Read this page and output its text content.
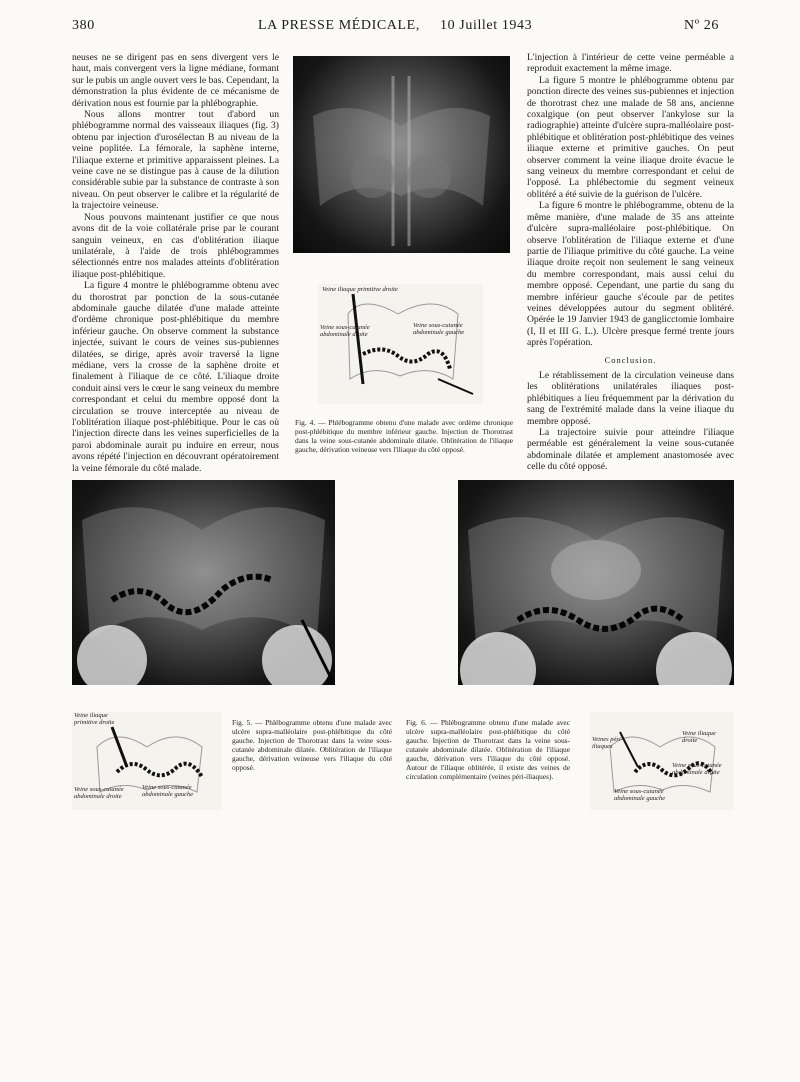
380	LA PRESSE MÉDICALE, 10 Juillet 1943	Nº 26

neuses ne se dirigent pas en sens divergent vers le haut, mais convergent vers la ligne médiane, formant sur le pubis un angle ouvert vers le bas. Cependant, la démonstration la plus évidente de ce mécanisme de dérivation nous est fournie par la phlébographie.

Nous allons montrer tout d'abord un phlébogramme normal des vaisseaux iliaques (fig. 3) obtenu par injection d'urosélectan B au niveau de la veine poplitée. La fémorale, la saphène interne, l'iliaque externe et primitive apparaissent pleines. La veine cave ne se distingue pas à cause de la dilution considérable subie par la substance de contraste à son niveau. On peut observer le calibre et la régularité de la trajectoire veineuse.

Nous pouvons maintenant justifier ce que nous avons dit de la voie collatérale prise par le courant sanguin veineux, en cas d'oblitération iliaque unilatérale, à l'aide de trois phlébogrammes sélectionnés entre nos malades atteints d'oblitération iliaque post-phlébitique.

La figure 4 montre le phlébogramme obtenu avec du thorostrat par ponction de la sous-cutanée abdominale gauche dilatée d'une malade atteinte d'ordème chronique post-phlébitique du membre inférieur gauche. On observe comment la substance injectée, suivant le cours de veines sus-pubiennes dilatées, se dirige, après avoir traversé la ligne médiane, vers la crosse de la saphène droite et finalement à l'iliaque de ce côté. L'iliaque droite conduit ainsi vers le cœur le sang veineux du membre correspondant et celui du membre opposé dont la circulation se trouve interceptée au niveau de l'oblitération iliaque post-phlébitique. Pour le cas où l'injection directe dans les veines superficielles de la paroi abdominale aurait pu induire en erreur, nous avons répété l'injection en découvrant opératoirement la veine fémorale du côté malade.

Veine iliaque primitive droite
Veine sous-cutanée abdominale droite
Veine sous-cutanée abdominale gauche
Fig. 4. — Phlébogramme obtenu d'une malade avec ordème chronique post-phlébitique du membre inférieur gauche. Injection de Thorotrast dans la veine sous-cutanée abdominale dilatée. Oblitération de l'iliaque gauche, dérivation veineuse vers l'iliaque du côté opposé.

L'injection à l'intérieur de cette veine perméable a reproduit exactement la même image.

La figure 5 montre le phlébogramme obtenu par ponction directe des veines sus-pubiennes et injection de thorotrast chez une malade de 58 ans, ancienne coxalgique (on peut observer l'ankylose sur la radiographie) atteinte d'ulcère supra-malléolaire post-phlébitique et oblitération post-phlébitique des veines iliaque externe et primitive gauches. On peut observer comment la veine iliaque droite évacue le sang veineux du membre correspondant et celui de l'opposé. La phlébectomie du segment veineux oblitéré a été suivie de la guérison de l'ulcère.

La figure 6 montre le phlébogramme, obtenu de la même manière, d'une malade de 35 ans atteinte d'ulcère supra-malléolaire post-phlébitique. On observe l'oblitération de l'iliaque externe et d'une partie de l'iliaque primitive du côté gauche. La veine iliaque droite reçoit non seulement le sang veineux du membre correspondant, mais aussi celui du membre opposé. Cependant, une partie du sang du membre inférieur gauche s'écoule par de petites veines développées autour du segment oblitéré. Opérée le 19 Janvier 1943 de ganglicctomie lombaire (I, II et III G. L.). Ulcère presque fermé trente jours après l'opération.

Conclusion.

Le rétablissement de la circulation veineuse dans les oblitérations unilatérales iliaques post-phlébitiques a lieu fréquemment par la dérivation du sang de l'extrémité malade dans la veine iliaque du membre opposé.

La trajectoire suivie pour atteindre l'iliaque perméable est généralement la veine sous-cutanée abdominale dilatée et amplement anastomosée avec celle du côté opposé.

Veine iliaque primitive droite
Veine sous-cutanée abdominale droite
Veine sous-cutanée abdominale gauche
Fig. 5. — Phlébogramme obtenu d'une malade avec ulcère supra-malléolaire post-phlébitique du côté gauche. Injection de Thorotrast dans la veine sous-cutanée abdominale dilatée. Oblitération de l'iliaque gauche, dérivation veineuse vers l'iliaque du côté opposé.
Fig. 6. — Phlébogramme obtenu d'une malade avec ulcère supra-malléolaire post-phlébitique du côté gauche. Injection de Thorotrast dans la veine sous-cutanée abdominale dilatée. Oblitération de l'iliaque gauche, dérivation vers l'iliaque du côté opposé. Autour de l'iliaque oblitérée, il existe des veines de circulation complémentaire (veines péri-iliaques).
Veines péri-iliaques
Veine iliaque droite
Veine sous-cutanée abdominale droite
Veine sous-cutanée abdominale gauche
